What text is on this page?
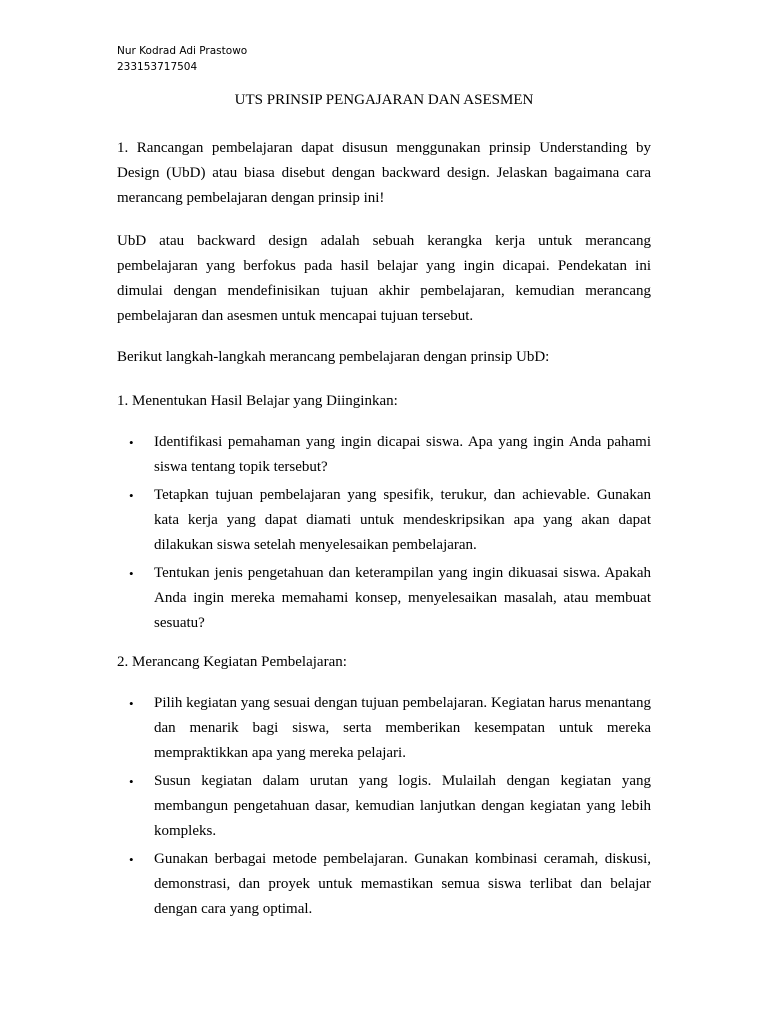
Nur Kodrad Adi Prastowo
233153717504
UTS PRINSIP PENGAJARAN DAN ASESMEN
1. Rancangan pembelajaran dapat disusun menggunakan prinsip Understanding by Design (UbD) atau biasa disebut dengan backward design. Jelaskan bagaimana cara merancang pembelajaran dengan prinsip ini!
UbD atau backward design adalah sebuah kerangka kerja untuk merancang pembelajaran yang berfokus pada hasil belajar yang ingin dicapai. Pendekatan ini dimulai dengan mendefinisikan tujuan akhir pembelajaran, kemudian merancang pembelajaran dan asesmen untuk mencapai tujuan tersebut.
Berikut langkah-langkah merancang pembelajaran dengan prinsip UbD:
1. Menentukan Hasil Belajar yang Diinginkan:
• Identifikasi pemahaman yang ingin dicapai siswa. Apa yang ingin Anda pahami siswa tentang topik tersebut?
• Tetapkan tujuan pembelajaran yang spesifik, terukur, dan achievable. Gunakan kata kerja yang dapat diamati untuk mendeskripsikan apa yang akan dapat dilakukan siswa setelah menyelesaikan pembelajaran.
• Tentukan jenis pengetahuan dan keterampilan yang ingin dikuasai siswa. Apakah Anda ingin mereka memahami konsep, menyelesaikan masalah, atau membuat sesuatu?
2. Merancang Kegiatan Pembelajaran:
• Pilih kegiatan yang sesuai dengan tujuan pembelajaran. Kegiatan harus menantang dan menarik bagi siswa, serta memberikan kesempatan untuk mereka mempraktikkan apa yang mereka pelajari.
• Susun kegiatan dalam urutan yang logis. Mulailah dengan kegiatan yang membangun pengetahuan dasar, kemudian lanjutkan dengan kegiatan yang lebih kompleks.
• Gunakan berbagai metode pembelajaran. Gunakan kombinasi ceramah, diskusi, demonstrasi, dan proyek untuk memastikan semua siswa terlibat dan belajar dengan cara yang optimal.
